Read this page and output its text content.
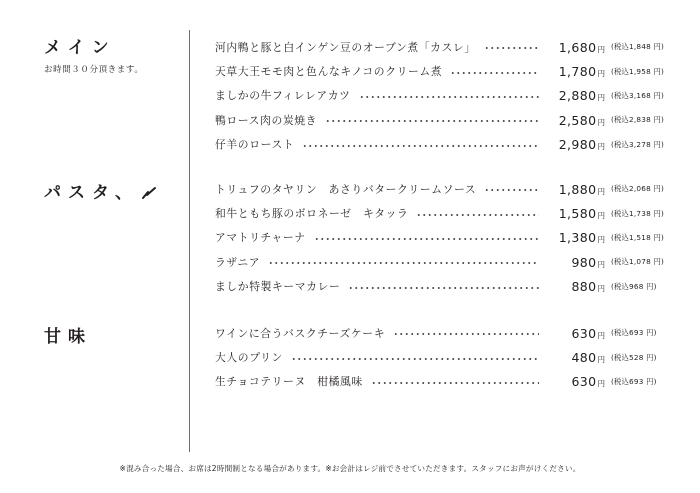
メイン
お時間３０分頂きます。
河内鴨と豚と白インゲン豆のオーブン煮「カスレ」	1,680円 (税込1,848 円)
天草大王モモ肉と色んなキノコのクリーム煮	1,780円 (税込1,958 円)
ましかの牛フィレレアカツ	2,880円 (税込3,168 円)
鴨ロース肉の炭焼き	2,580円 (税込2,838 円)
仔羊のロースト	2,980円 (税込3,278 円)
パスタ、	トリュフのタヤリン　あさりバタークリームソース	1,880円 (税込2,068 円)
和牛ともち豚のボロネーゼ　キタッラ	1,580円 (税込1,738 円)
アマトリチャーナ	1,380円 (税込1,518 円)
ラザニア	980円 (税込1,078 円)
ましか特製キーマカレー	880円 (税込968 円)
甘味	ワインに合うバスクチーズケーキ	630円 (税込693 円)
大人のプリン	480円 (税込528 円)
生チョコテリーヌ　柑橘風味	630円 (税込693 円)
※混み合った場合、お席は2時間制となる場合があります。※お会計はレジ前でさせていただきます。スタッフにお声がけください。
